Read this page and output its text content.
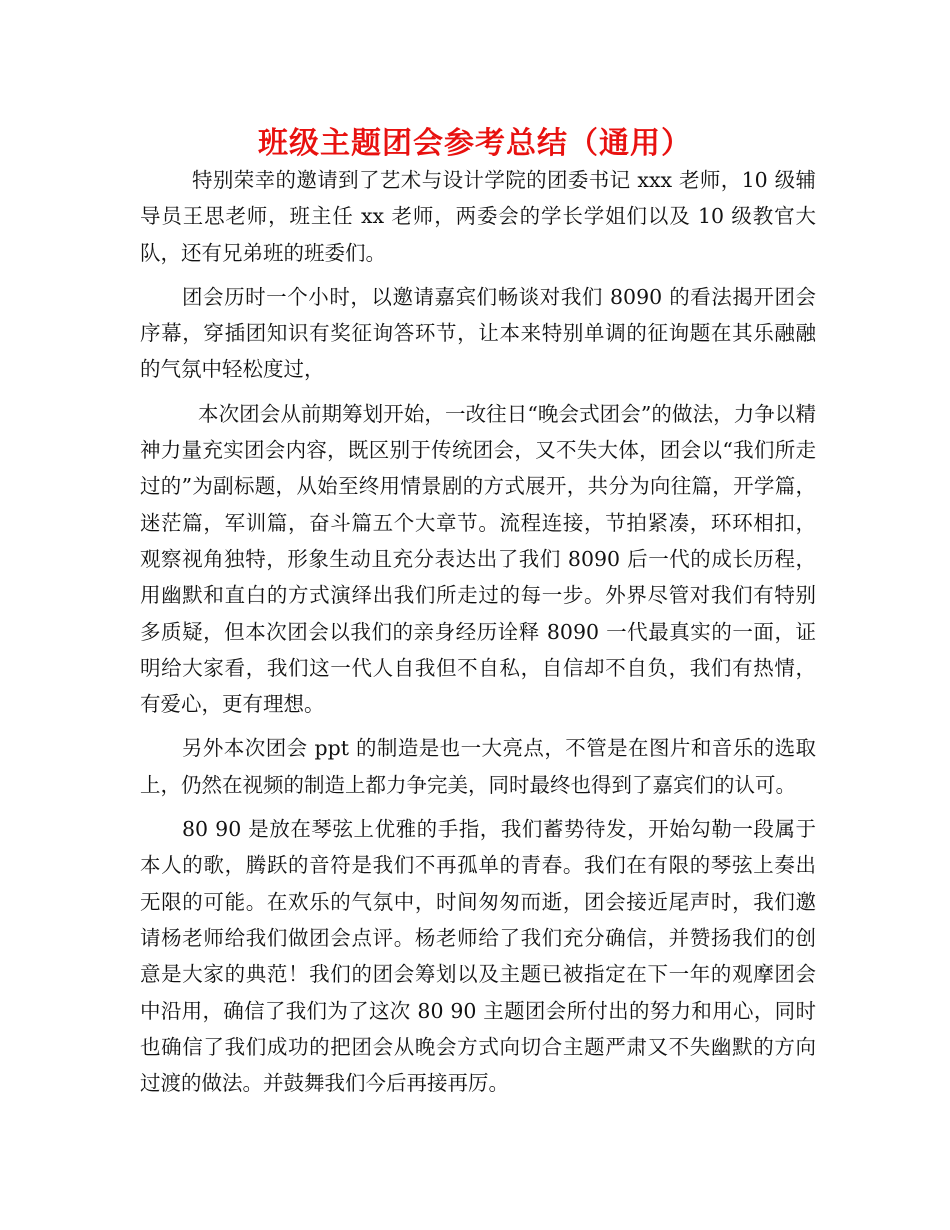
班级主题团会参考总结（通用）

特别荣幸的邀请到了艺术与设计学院的团委书记 xxx 老师，10 级辅导员王思老师，班主任 xx 老师，两委会的学长学姐们以及 10 级教官大队，还有兄弟班的班委们。

团会历时一个小时，以邀请嘉宾们畅谈对我们 8090 的看法揭开团会序幕，穿插团知识有奖征询答环节，让本来特别单调的征询题在其乐融融的气氛中轻松度过，

本次团会从前期筹划开始，一改往日“晚会式团会”的做法，力争以精神力量充实团会内容，既区别于传统团会，又不失大体，团会以“我们所走过的”为副标题，从始至终用情景剧的方式展开，共分为向往篇，开学篇，迷茫篇，军训篇，奋斗篇五个大章节。流程连接，节拍紧凑，环环相扣，观察视角独特，形象生动且充分表达出了我们 8090 后一代的成长历程，用幽默和直白的方式演绎出我们所走过的每一步。外界尽管对我们有特别多质疑，但本次团会以我们的亲身经历诠释 8090 一代最真实的一面，证明给大家看，我们这一代人自我但不自私，自信却不自负，我们有热情，有爱心，更有理想。

另外本次团会 ppt 的制造是也一大亮点，不管是在图片和音乐的选取上，仍然在视频的制造上都力争完美，同时最终也得到了嘉宾们的认可。

80 90 是放在琴弦上优雅的手指，我们蓄势待发，开始勾勒一段属于本人的歌，腾跃的音符是我们不再孤单的青春。我们在有限的琴弦上奏出无限的可能。在欢乐的气氛中，时间匆匆而逝，团会接近尾声时，我们邀请杨老师给我们做团会点评。杨老师给了我们充分确信，并赞扬我们的创意是大家的典范！我们的团会筹划以及主题已被指定在下一年的观摩团会中沿用，确信了我们为了这次 80 90 主题团会所付出的努力和用心，同时也确信了我们成功的把团会从晚会方式向切合主题严肃又不失幽默的方向过渡的做法。并鼓舞我们今后再接再厉。
